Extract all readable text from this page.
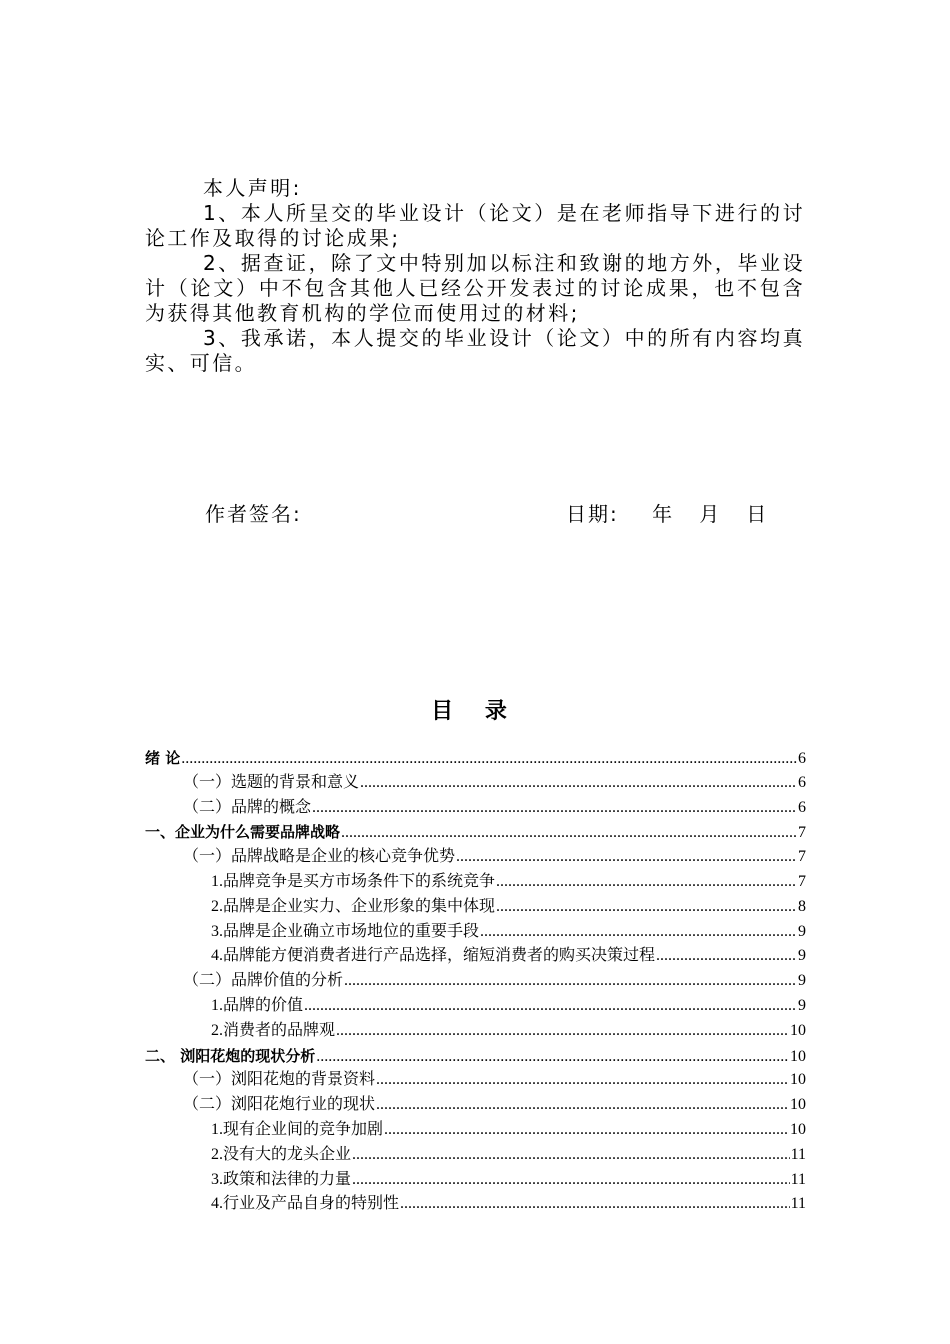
本人声明:

1、本人所呈交的毕业设计（论文）是在老师指导下进行的讨论工作及取得的讨论成果;

2、据查证，除了文中特别加以标注和致谢的地方外，毕业设计（论文）中不包含其他人已经公开发表过的讨论成果，也不包含为获得其他教育机构的学位而使用过的材料;

3、我承诺，本人提交的毕业设计（论文）中的所有内容均真实、可信。

作者签名:	日期:    年   月   日
目 录
绪 论 .....	6
（一）选题的背景和意义 .....	6
（二）品牌的概念 .....	6
一、企业为什么需要品牌战略 .....	7
（一）品牌战略是企业的核心竞争优势 .....	7
1.品牌竞争是买方市场条件下的系统竞争 .....	7
2.品牌是企业实力、企业形象的集中体现 .....	8
3.品牌是企业确立市场地位的重要手段 .....	9
4.品牌能方便消费者进行产品选择，缩短消费者的购买决策过程 .....	9
（二）品牌价值的分析 .....	9
1.品牌的价值 .....	9
2.消费者的品牌观 .....	10
二、 浏阳花炮的现状分析 .....	10
（一）浏阳花炮的背景资料 .....	10
（二）浏阳花炮行业的现状 .....	10
1.现有企业间的竞争加剧 .....	10
2.没有大的龙头企业 .....	11
3.政策和法律的力量 .....	11
4.行业及产品自身的特别性 .....	11
